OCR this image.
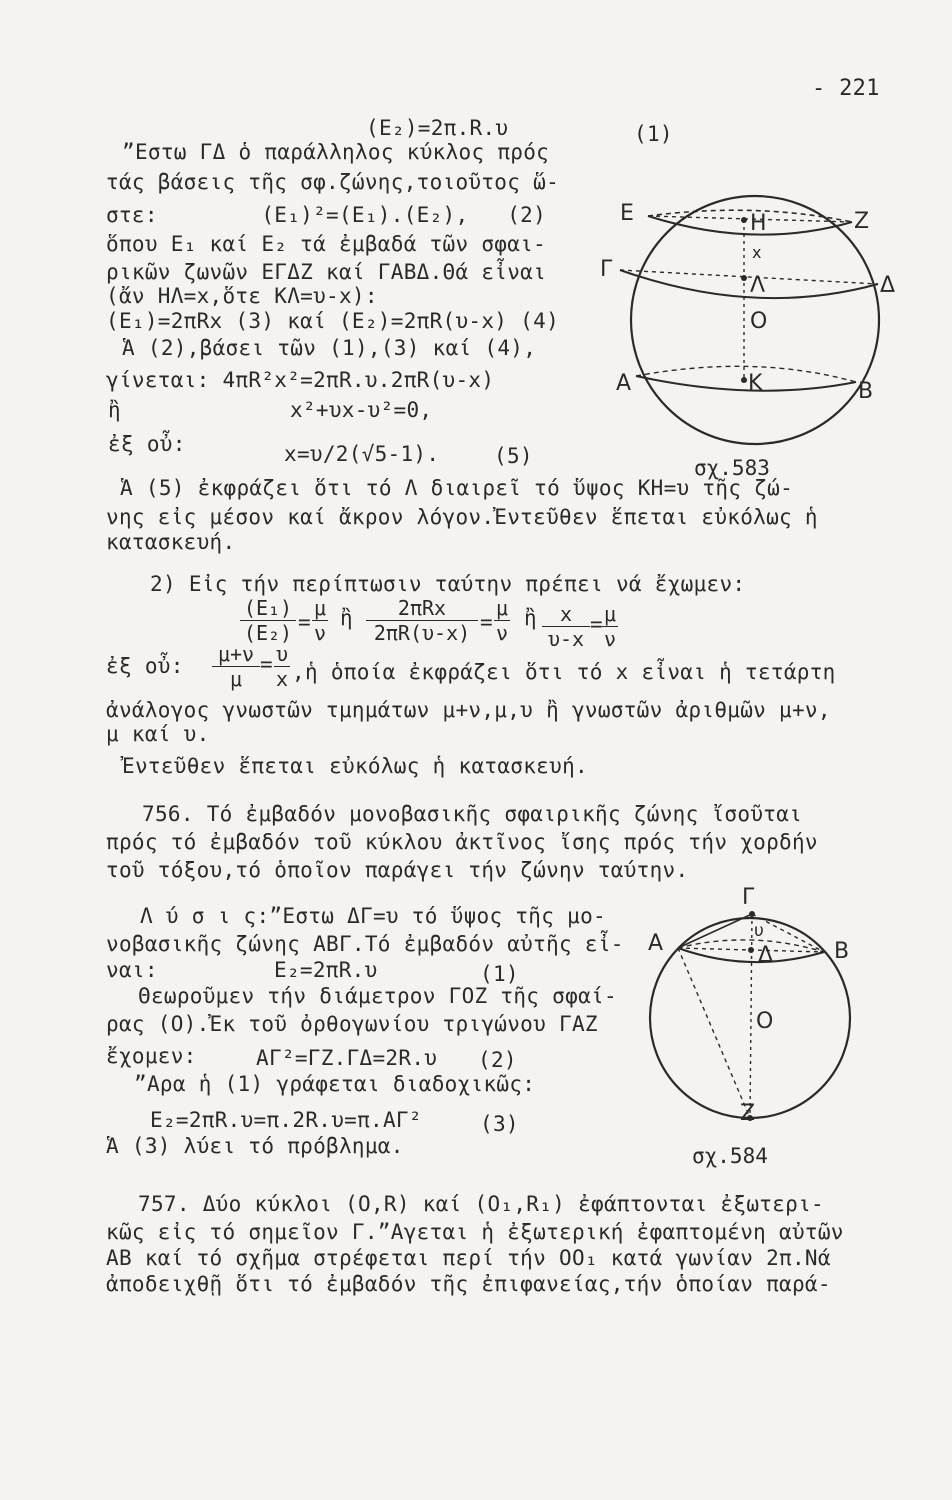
- 221
(E₂)=2π.R.υ	(1)
”Eστω ΓΔ ὁ παράλληλος κύκλος πρός
τάς βάσεις τῆς σφ.ζώνης,τοιοῦτος ὥ-
στε:        (E₁)²=(E₁).(E₂),   (2)
ὅπου E₁ καί E₂ τά ἐμβαδά τῶν σφαι-
ρικῶν ζωνῶν EΓΔZ καί ΓABΔ.Θά εἶναι
(ἄν HΛ=x,ὅτε KΛ=υ-x):
(E₁)=2πRx (3) καί (E₂)=2πR(υ-x) (4)
Ἁ (2),βάσει τῶν (1),(3) καί (4),
γίνεται: 4πR²x²=2πR.υ.2πR(υ-x)
ἢ	x²+υx-υ²=0,
ἐξ οὖ:	x=υ/2(√5-1).	(5)
Ἁ (5) ἐκφράζει ὅτι τό Λ διαιρεῖ τό ὕψος KH=υ τῆς ζώ-
νης εἰς μέσον καί ἄκρον λόγον.Ἐντεῦθεν ἕπεται εὐκόλως ἡ
κατασκευή.
E	H	Z
x
Γ
Λ	Δ
O
A	K	B
σχ.583
2) Εἰς τήν περίπτωσιν ταύτην πρέπει νά ἔχωμεν:
$\frac{\text{(E₁)}}{\text{(E₂)}} = \frac{\mu}{\nu}$ ἢ	2πRx
$2\pi R(\upsilon-x) = \frac{\mu}{\nu}$ ἢ $\frac{x}{\upsilon-x} = \frac{\mu}{\nu}$
ἐξ οὖ: $\frac{\mu+\nu}{\mu} = \frac{\upsilon}{x}$ ,ἡ ὁποία ἐκφράζει ὅτι τό x εἶναι ἡ τετάρτη
ἀνάλογος γνωστῶν τμημάτων μ+ν,μ,υ ἢ γνωστῶν ἀριθμῶν μ+ν,
μ καί υ.
Ἐντεῦθεν ἕπεται εὐκόλως ἡ κατασκευή.
756. Τό ἐμβαδόν μονοβασικῆς σφαιρικῆς ζώνης ἴσοῦται
πρός τό ἐμβαδόν τοῦ κύκλου ἀκτῖνος ἴσης πρός τήν χορδήν
τοῦ τόξου,τό ὁποῖον παράγει τήν ζώνην ταύτην.
Λ ύ σ ι ς:”Eστω ΔΓ=υ τό ὕψος τῆς μο-
νοβασικῆς ζώνης ABΓ.Τό ἐμβαδόν αὐτῆς εἶ-
ναι:	E₂=2πR.υ	(1)
Θεωροῦμεν τήν διάμετρον ΓOZ τῆς σφαί-
ρας (O).Ἐκ τοῦ ὀρθογωνίου τριγώνου ΓAZ
ἔχομεν:	AΓ²=ΓZ.ΓΔ=2R.υ (2)
”Αρα ἡ (1) γράφεται διαδοχικῶς:
E₂=2πR.υ=π.2R.υ=π.AΓ²	(3)
Ἁ (3) λύει τό πρόβλημα.
Γ
A	Δ
υ
B
O
Z
σχ.584
757. Δύο κύκλοι (O,R) καί (O₁,R₁) ἐφάπτονται ἐξωτερι-
κῶς εἰς τό σημεῖον Γ.”Αγεται ἡ ἐξωτερική ἐφαπτομένη αὐτῶν
AB καί τό σχῆμα στρέφεται περί τήν OO₁ κατά γωνίαν 2π.Νά
ἀποδειχθῇ ὅτι τό ἐμβαδόν τῆς ἐπιφανείας,τήν ὁποίαν παρά-
